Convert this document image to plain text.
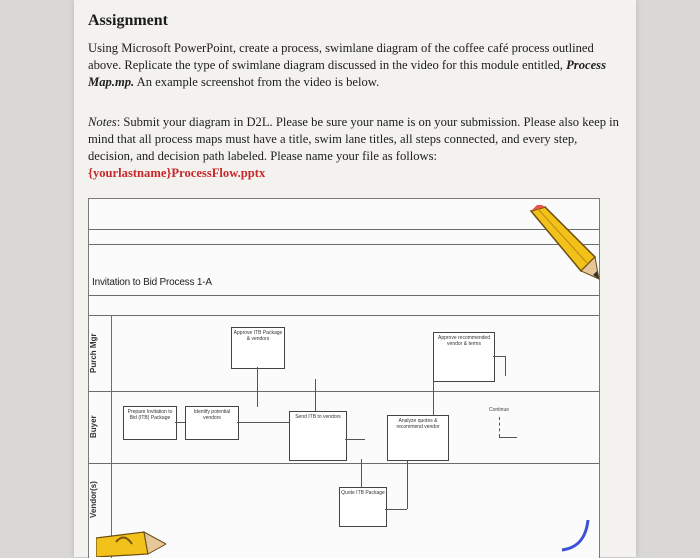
Assignment
Using Microsoft PowerPoint, create a process, swimlane diagram of the coffee café process outlined above. Replicate the type of swimlane diagram discussed in the video for this module entitled, Process Map.mp. An example screenshot from the video is below.
Notes: Submit your diagram in D2L. Please be sure your name is on your submission. Please also keep in mind that all process maps must have a title, swim lane titles, all steps connected, and every step, decision, and decision path labeled. Please name your file as follows:
{yourlastname}ProcessFlow.pptx
Invitation to Bid Process 1-A
Purch Mgr
Buyer
Vendor(s)
Approve ITB Package & vendors	Approve recommended vendor & terms
Prepare Invitation to Bid (ITB) Package
Identify potential vendors	Send ITB to vendors
Analyze quotes & recommend vendor
Quote ITB Package
Continue
